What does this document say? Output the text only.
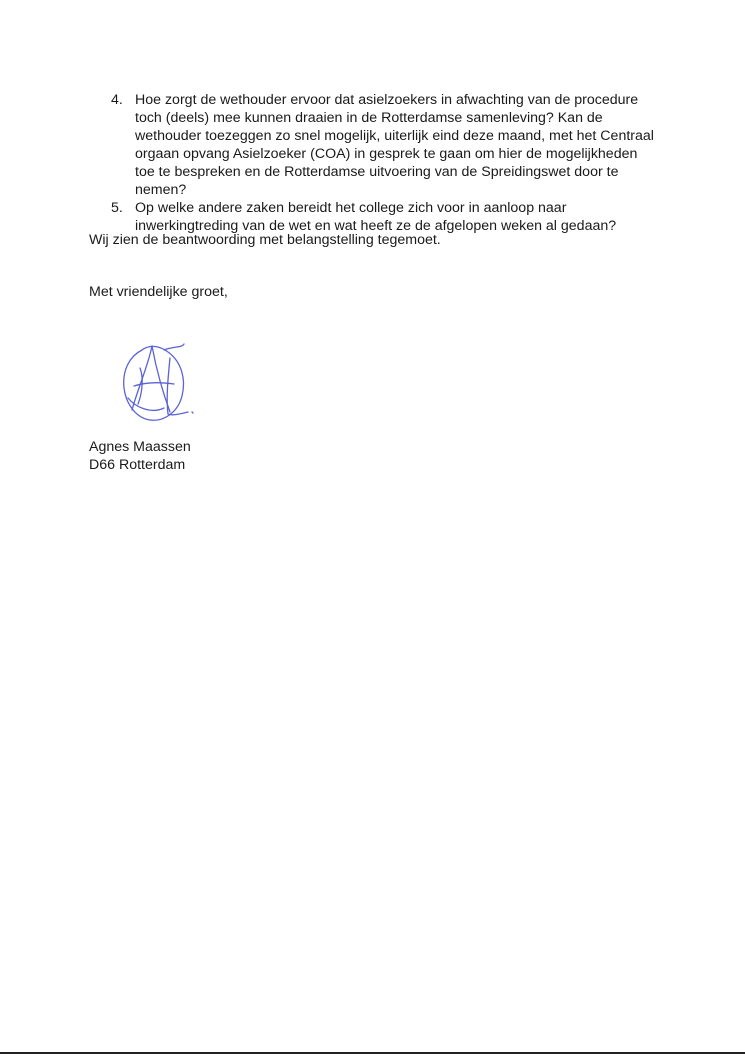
4. Hoe zorgt de wethouder ervoor dat asielzoekers in afwachting van de procedure toch (deels) mee kunnen draaien in de Rotterdamse samenleving? Kan de wethouder toezeggen zo snel mogelijk, uiterlijk eind deze maand, met het Centraal orgaan opvang Asielzoeker (COA) in gesprek te gaan om hier de mogelijkheden toe te bespreken en de Rotterdamse uitvoering van de Spreidingswet door te nemen?
5. Op welke andere zaken bereidt het college zich voor in aanloop naar inwerkingtreding van de wet en wat heeft ze de afgelopen weken al gedaan?

Wij zien de beantwoording met belangstelling tegemoet.

Met vriendelijke groet,

Agnes Maassen
D66 Rotterdam
